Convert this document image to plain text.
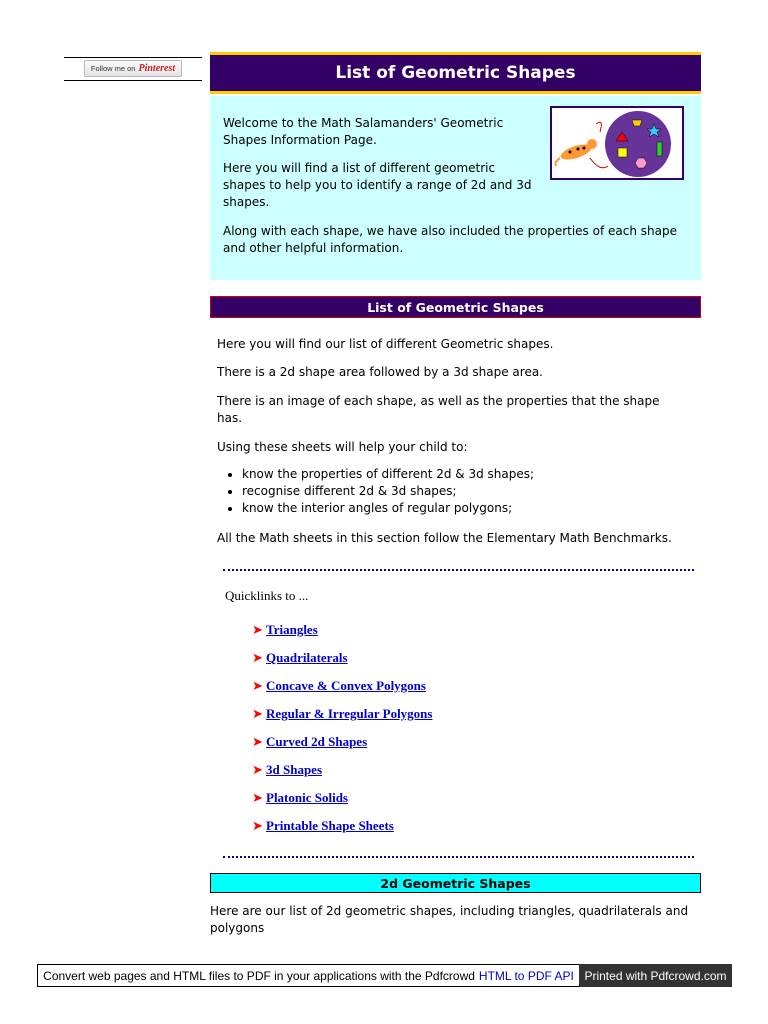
Follow me on Pinterest	List of Geometric Shapes

Welcome to the Math Salamanders' Geometric Shapes Information Page.

Here you will find a list of different geometric shapes to help you to identify a range of 2d and 3d shapes.

Along with each shape, we have also included the properties of each shape and other helpful information.

List of Geometric Shapes

Here you will find our list of different Geometric shapes.

There is a 2d shape area followed by a 3d shape area.

There is an image of each shape, as well as the properties that the shape has.

Using these sheets will help your child to:

• know the properties of different 2d & 3d shapes;
• recognise different 2d & 3d shapes;
• know the interior angles of regular polygons;

All the Math sheets in this section follow the Elementary Math Benchmarks.

Quicklinks to ...
➤ Triangles
➤ Quadrilaterals
➤ Concave & Convex Polygons
➤ Regular & Irregular Polygons
➤ Curved 2d Shapes
➤ 3d Shapes
➤ Platonic Solids
➤ Printable Shape Sheets
2d Geometric Shapes

Here are our list of 2d geometric shapes, including triangles, quadrilaterals and polygons

Convert web pages and HTML files to PDF in your applications with the Pdfcrowd HTML to PDF API Printed with Pdfcrowd.com
